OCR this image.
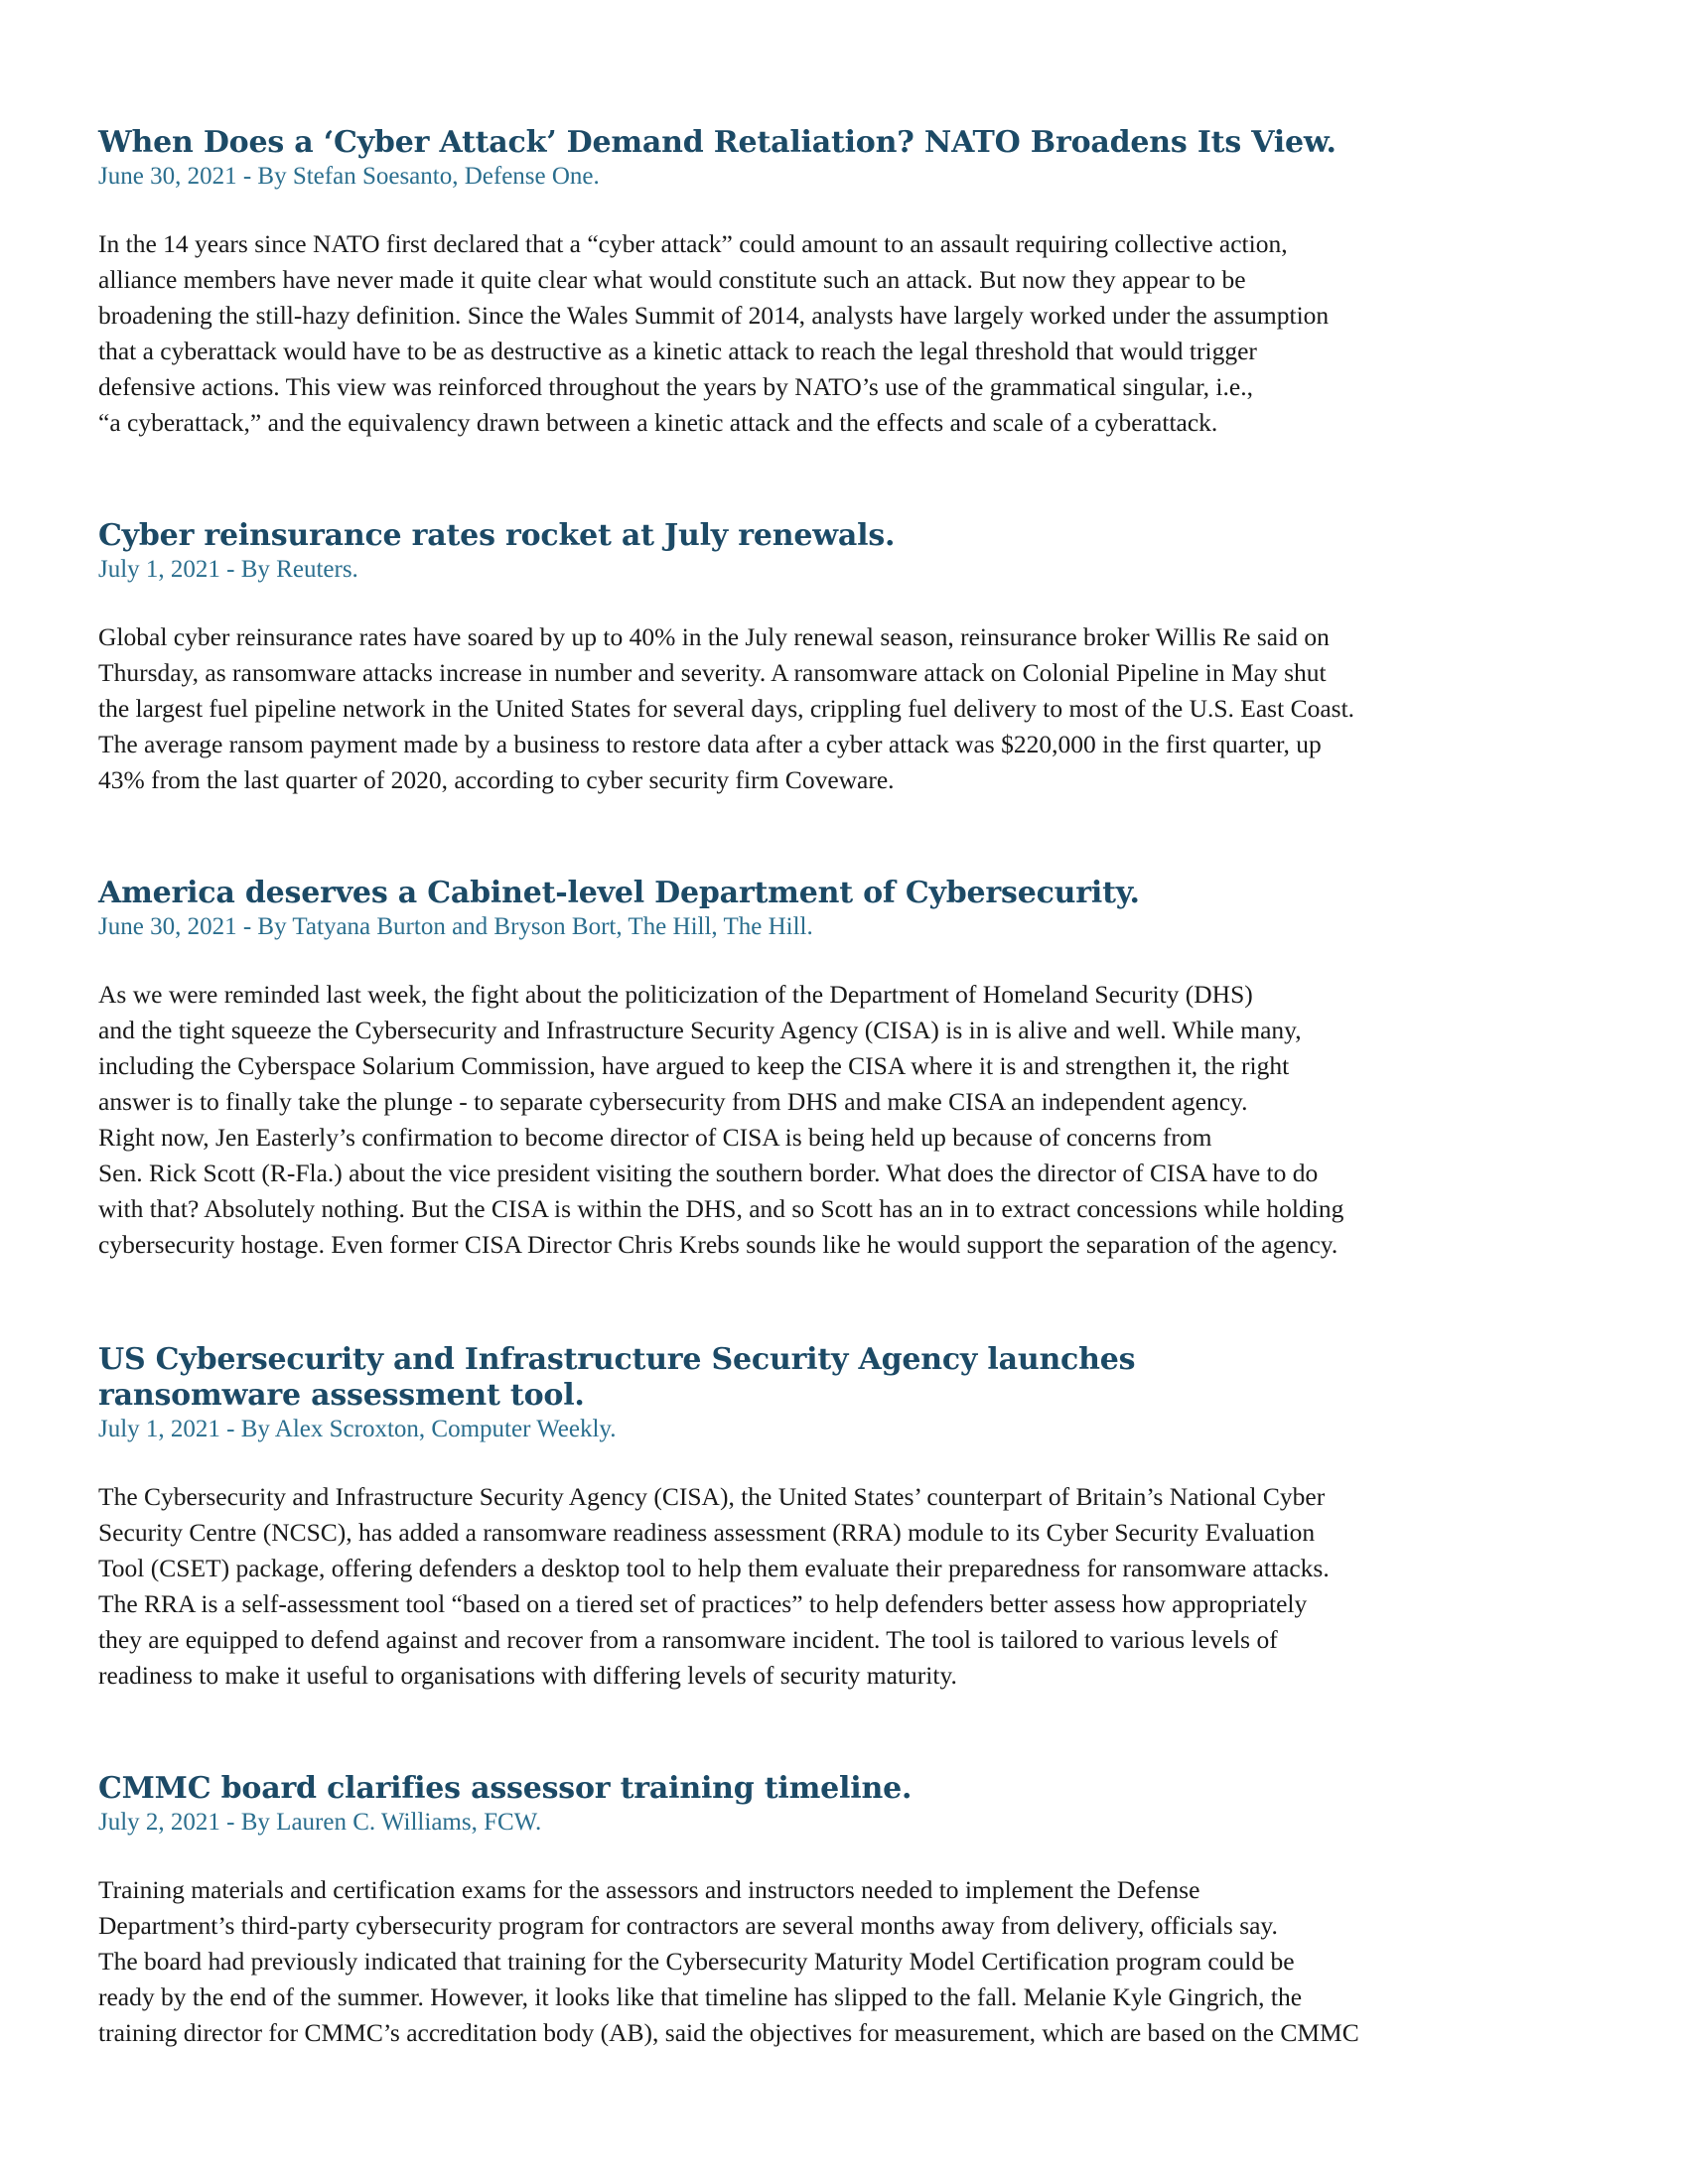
When Does a ‘Cyber Attack’ Demand Retaliation? NATO Broadens Its View.

June 30, 2021 - By Stefan Soesanto, Defense One.

In the 14 years since NATO first declared that a “cyber attack” could amount to an assault requiring collective action,
alliance members have never made it quite clear what would constitute such an attack. But now they appear to be
broadening the still-hazy definition. Since the Wales Summit of 2014, analysts have largely worked under the assumption
that a cyberattack would have to be as destructive as a kinetic attack to reach the legal threshold that would trigger
defensive actions. This view was reinforced throughout the years by NATO’s use of the grammatical singular, i.e.,
“a cyberattack,” and the equivalency drawn between a kinetic attack and the effects and scale of a cyberattack.

Cyber reinsurance rates rocket at July renewals.

July 1, 2021 - By Reuters.

Global cyber reinsurance rates have soared by up to 40% in the July renewal season, reinsurance broker Willis Re said on
Thursday, as ransomware attacks increase in number and severity. A ransomware attack on Colonial Pipeline in May shut
the largest fuel pipeline network in the United States for several days, crippling fuel delivery to most of the U.S. East Coast.
The average ransom payment made by a business to restore data after a cyber attack was $220,000 in the first quarter, up
43% from the last quarter of 2020, according to cyber security firm Coveware.

America deserves a Cabinet-level Department of Cybersecurity.

June 30, 2021 - By Tatyana Burton and Bryson Bort, The Hill, The Hill.

As we were reminded last week, the fight about the politicization of the Department of Homeland Security (DHS)
and the tight squeeze the Cybersecurity and Infrastructure Security Agency (CISA) is in is alive and well. While many,
including the Cyberspace Solarium Commission, have argued to keep the CISA where it is and strengthen it, the right
answer is to finally take the plunge - to separate cybersecurity from DHS and make CISA an independent agency.
Right now, Jen Easterly’s confirmation to become director of CISA is being held up because of concerns from
Sen. Rick Scott (R-Fla.) about the vice president visiting the southern border. What does the director of CISA have to do
with that? Absolutely nothing. But the CISA is within the DHS, and so Scott has an in to extract concessions while holding
cybersecurity hostage. Even former CISA Director Chris Krebs sounds like he would support the separation of the agency.

US Cybersecurity and Infrastructure Security Agency launches
ransomware assessment tool.

July 1, 2021 - By Alex Scroxton, Computer Weekly.

The Cybersecurity and Infrastructure Security Agency (CISA), the United States’ counterpart of Britain’s National Cyber
Security Centre (NCSC), has added a ransomware readiness assessment (RRA) module to its Cyber Security Evaluation
Tool (CSET) package, offering defenders a desktop tool to help them evaluate their preparedness for ransomware attacks.
The RRA is a self-assessment tool “based on a tiered set of practices” to help defenders better assess how appropriately
they are equipped to defend against and recover from a ransomware incident. The tool is tailored to various levels of
readiness to make it useful to organisations with differing levels of security maturity.

CMMC board clarifies assessor training timeline.

July 2, 2021 - By Lauren C. Williams, FCW.

Training materials and certification exams for the assessors and instructors needed to implement the Defense
Department’s third-party cybersecurity program for contractors are several months away from delivery, officials say.
The board had previously indicated that training for the Cybersecurity Maturity Model Certification program could be
ready by the end of the summer. However, it looks like that timeline has slipped to the fall. Melanie Kyle Gingrich, the
training director for CMMC’s accreditation body (AB), said the objectives for measurement, which are based on the CMMC
